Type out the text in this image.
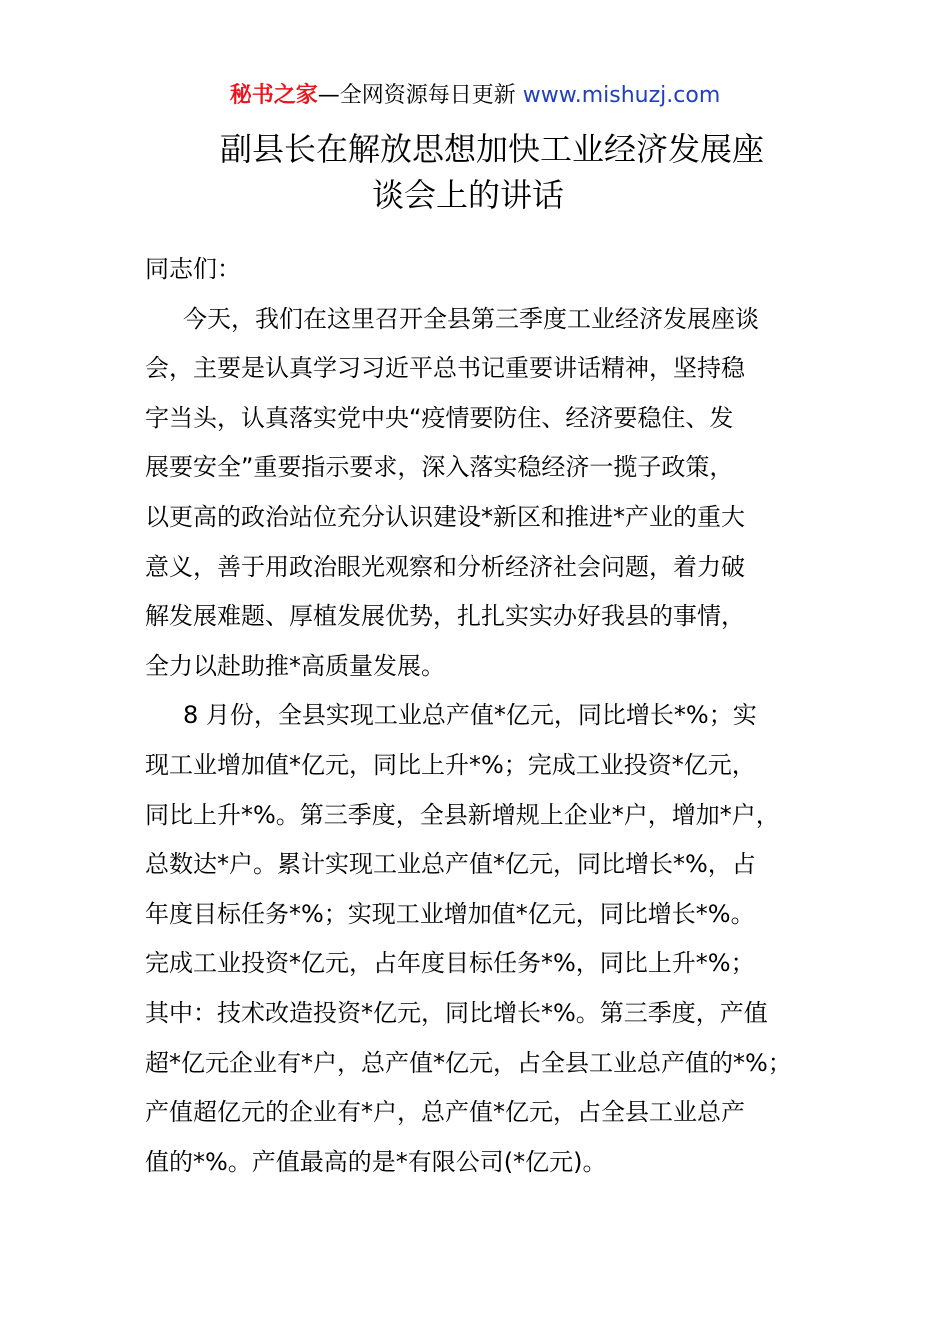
秘书之家—全网资源每日更新 www.mishuzj.com
副县长在解放思想加快工业经济发展座
谈会上的讲话
同志们：
今天，我们在这里召开全县第三季度工业经济发展座谈
会，主要是认真学习习近平总书记重要讲话精神，坚持稳
字当头，认真落实党中央“疫情要防住、经济要稳住、发
展要安全”重要指示要求，深入落实稳经济一揽子政策，
以更高的政治站位充分认识建设*新区和推进*产业的重大
意义，善于用政治眼光观察和分析经济社会问题，着力破
解发展难题、厚植发展优势，扎扎实实办好我县的事情，
全力以赴助推*高质量发展。
8 月份，全县实现工业总产值*亿元，同比增长*%；实
现工业增加值*亿元，同比上升*%；完成工业投资*亿元，
同比上升*%。第三季度，全县新增规上企业*户，增加*户，
总数达*户。累计实现工业总产值*亿元，同比增长*%，占
年度目标任务*%；实现工业增加值*亿元，同比增长*%。
完成工业投资*亿元，占年度目标任务*%，同比上升*%；
其中：技术改造投资*亿元，同比增长*%。第三季度，产值
超*亿元企业有*户，总产值*亿元，占全县工业总产值的*%；
产值超亿元的企业有*户，总产值*亿元，占全县工业总产
值的*%。产值最高的是*有限公司(*亿元)。
